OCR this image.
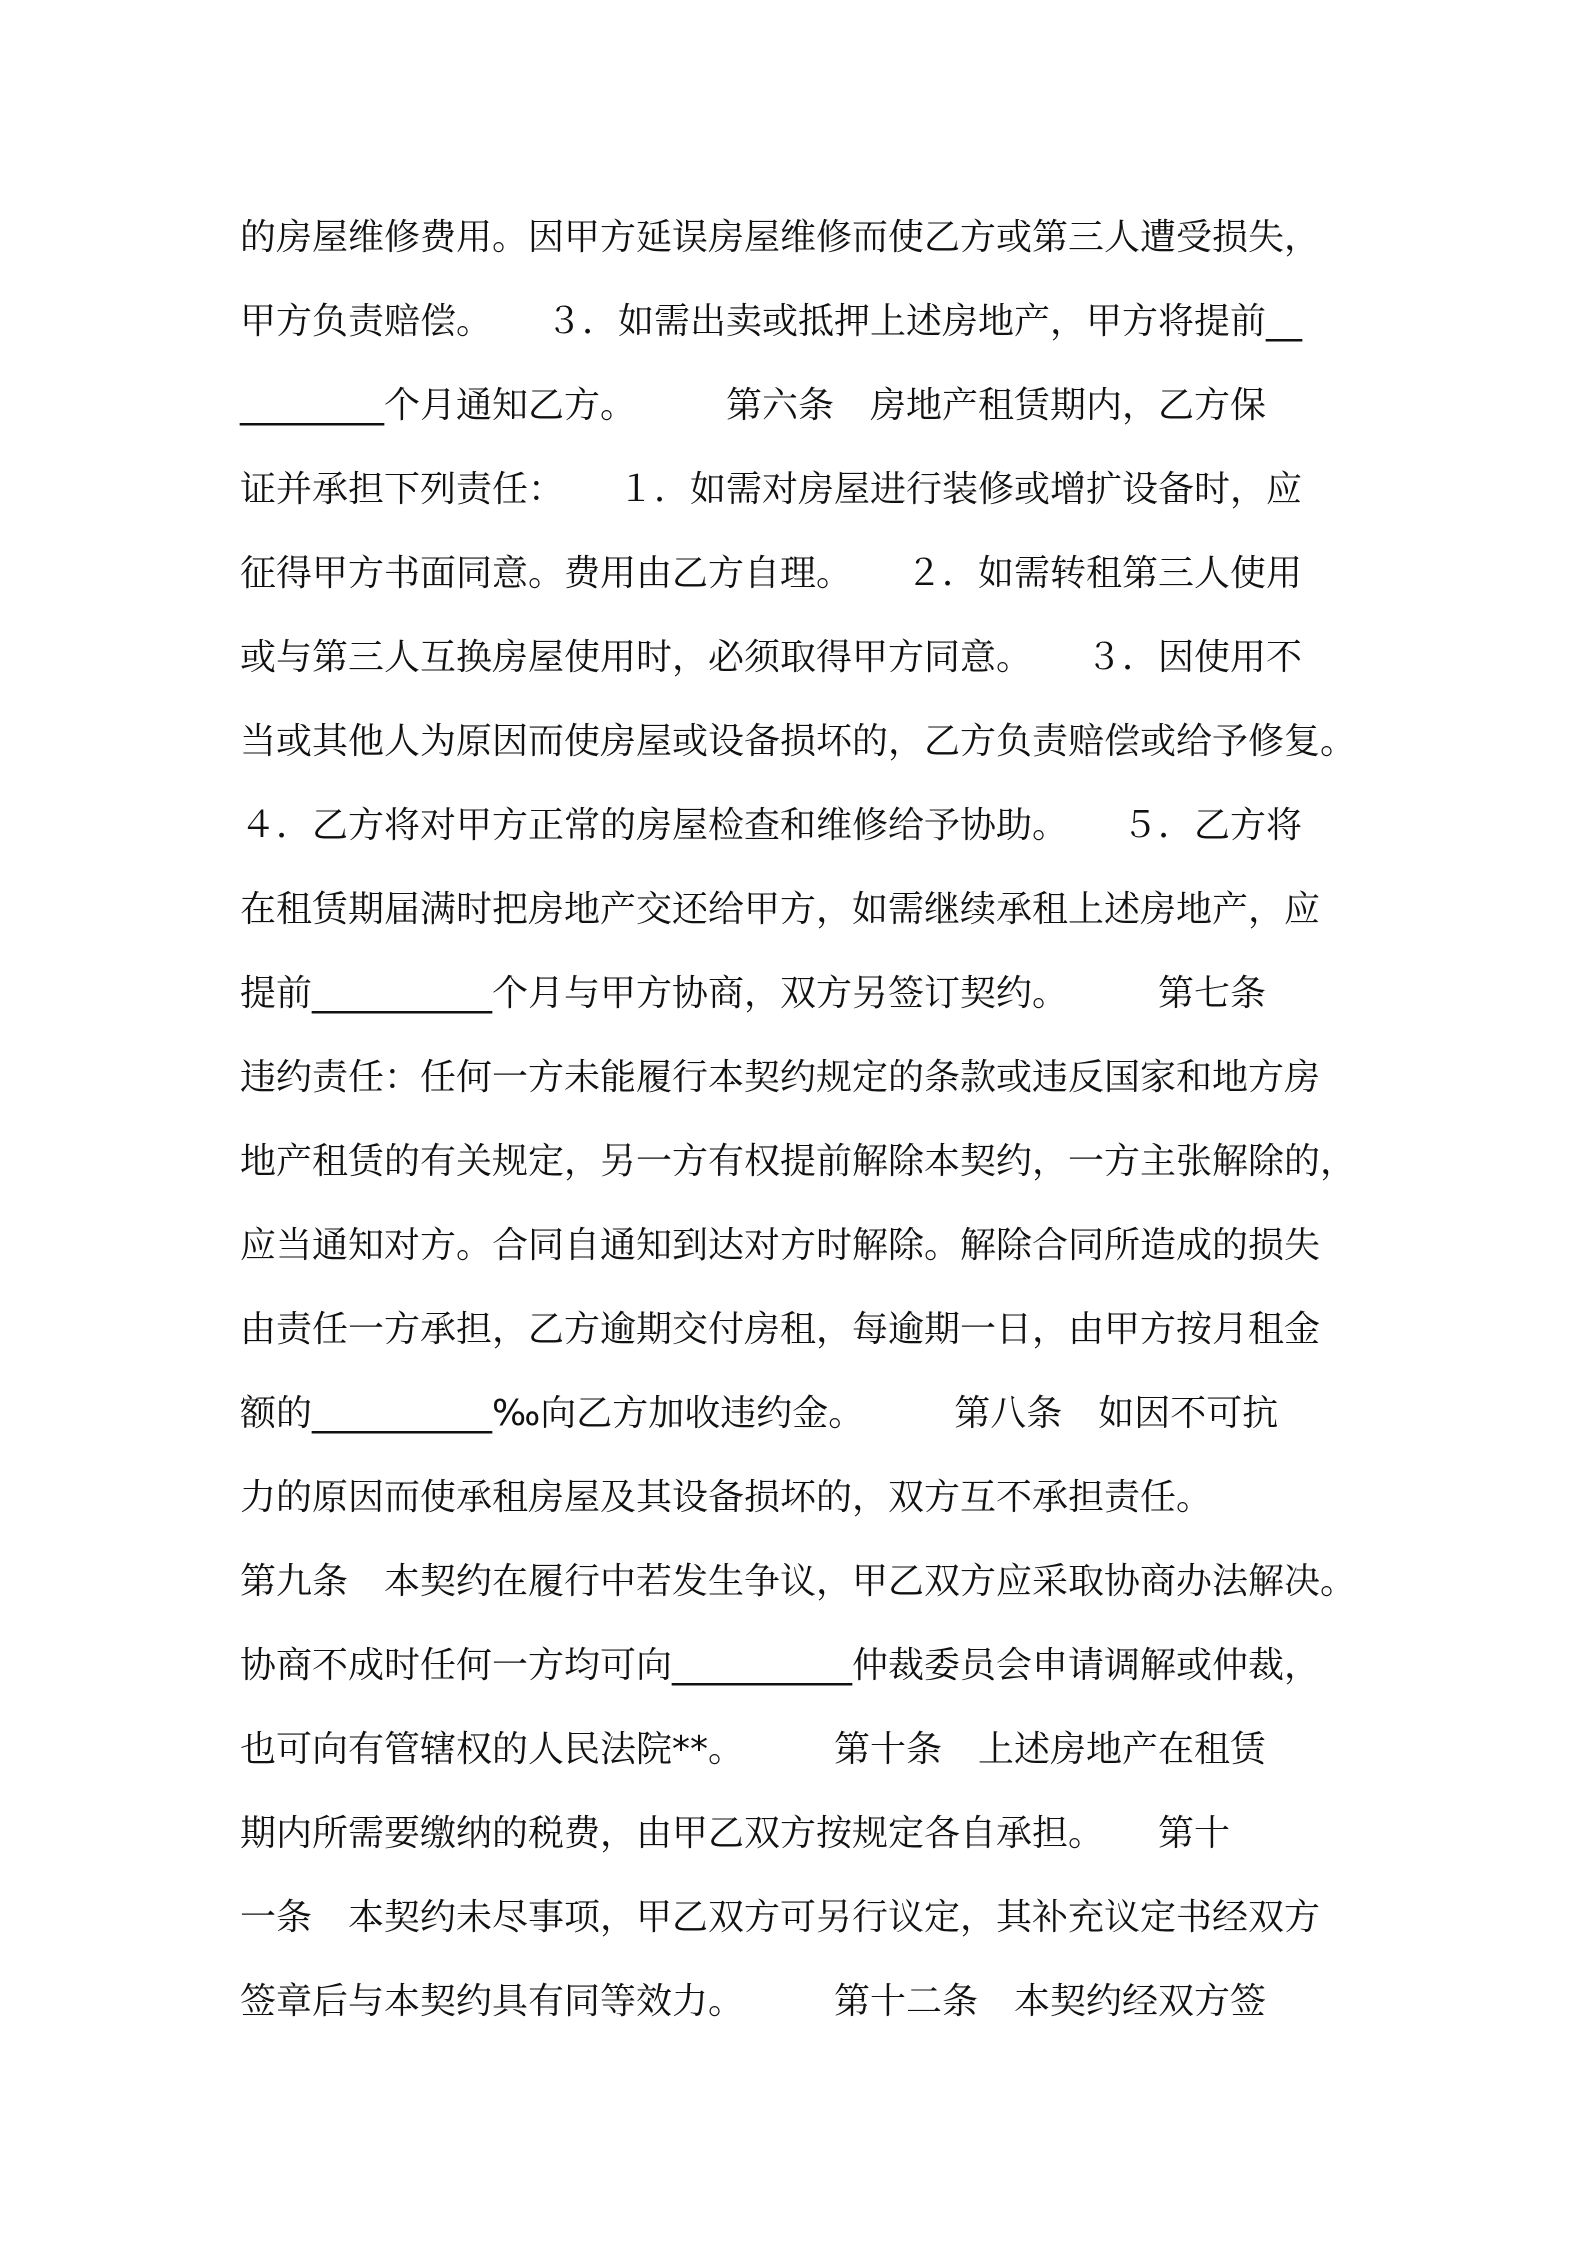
的房屋维修费用。因甲方延误房屋维修而使乙方或第三人遭受损失，
甲方负责赔偿。　　３．如需出卖或抵押上述房地产，甲方将提前__
________个月通知乙方。　　　第六条　房地产租赁期内，乙方保
证并承担下列责任：　　１．如需对房屋进行装修或增扩设备时，应
征得甲方书面同意。费用由乙方自理。　　２．如需转租第三人使用
或与第三人互换房屋使用时，必须取得甲方同意。　　３．因使用不
当或其他人为原因而使房屋或设备损坏的，乙方负责赔偿或给予修复。
４．乙方将对甲方正常的房屋检查和维修给予协助。　　５．乙方将
在租赁期届满时把房地产交还给甲方，如需继续承租上述房地产，应
提前__________个月与甲方协商，双方另签订契约。　　　第七条
违约责任：任何一方未能履行本契约规定的条款或违反国家和地方房
地产租赁的有关规定，另一方有权提前解除本契约，一方主张解除的，
应当通知对方。合同自通知到达对方时解除。解除合同所造成的损失
由责任一方承担，乙方逾期交付房租，每逾期一日，由甲方按月租金
额的__________‰向乙方加收违约金。　　　第八条　如因不可抗
力的原因而使承租房屋及其设备损坏的，双方互不承担责任。
第九条　本契约在履行中若发生争议，甲乙双方应采取协商办法解决。
协商不成时任何一方均可向__________仲裁委员会申请调解或仲裁，
也可向有管辖权的人民法院**。　　　第十条　上述房地产在租赁
期内所需要缴纳的税费，由甲乙双方按规定各自承担。　　第十
一条　本契约未尽事项，甲乙双方可另行议定，其补充议定书经双方
签章后与本契约具有同等效力。　　　第十二条　本契约经双方签
